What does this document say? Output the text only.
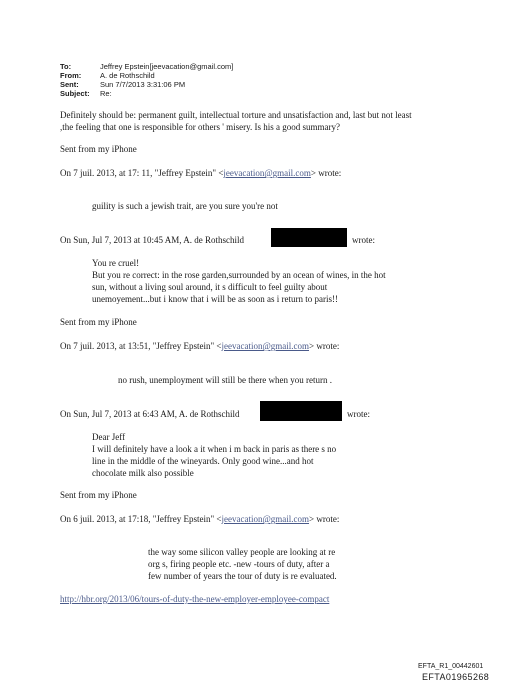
To:	Jeffrey Epstein[jeevacation@gmail.com]
From:	A. de Rothschild
Sent:	Sun 7/7/2013 3:31:06 PM
Subject: Re:
Definitely should be: permanent guilt, intellectual torture and unsatisfaction and, last but not least
,the feeling that one is responsible for others ' misery. Is his a good summary?
Sent from my iPhone
On 7 juil. 2013, at 17: 11, "Jeffrey Epstein" <jeevacation@gmail.com> wrote:
guility is such a jewish trait, are you sure you're not
On Sun, Jul 7, 2013 at 10:45 AM, A. de Rothschild	wrote:
You re cruel!
But you re correct: in the rose garden,surrounded by an ocean of wines, in the hot
sun, without a living soul around, it s difficult to feel guilty about
unemoyement...but i know that i will be as soon as i return to paris!!
Sent from my iPhone
On 7 juil. 2013, at 13:51, "Jeffrey Epstein" <jeevacation@gmail.com> wrote:
no rush, unemployment will still be there when you return .
On Sun, Jul 7, 2013 at 6:43 AM, A. de Rothschild	wrote:
Dear Jeff
I will definitely have a look a it when i m back in paris as there s no
line in the middle of the wineyards. Only good wine...and hot
chocolate milk also possible
Sent from my iPhone
On 6 juil. 2013, at 17:18, "Jeffrey Epstein" <jeevacation@gmail.com> wrote:
the way some silicon valley people are looking at re
org s, firing people etc. -new -tours of duty, after a
few number of years the tour of duty is re evaluated.
http://hbr.org/2013/06/tours-of-duty-the-new-employer-employee-compact
EFTA_R1_00442601
EFTA01965268
